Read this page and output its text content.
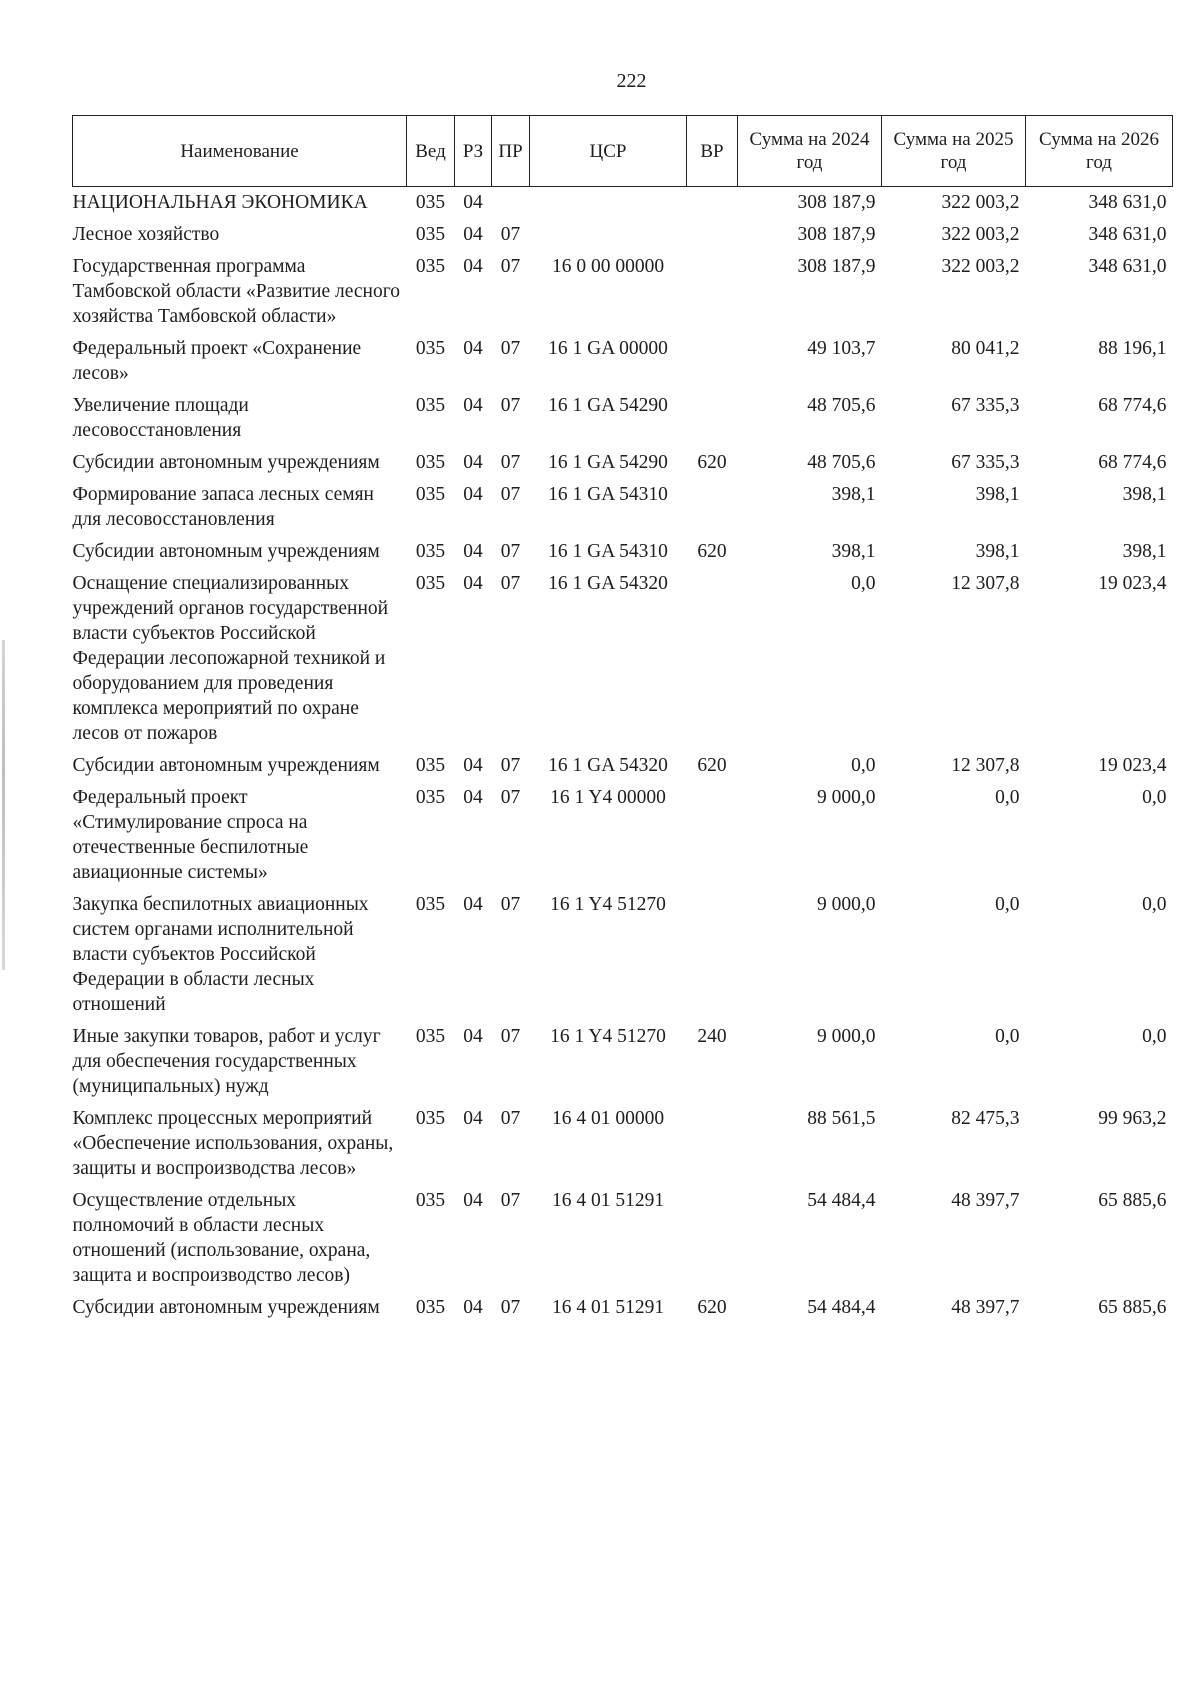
222
Наименование	Вед	РЗ	ПР	ЦСР	ВР	Сумма на 2024 год	Сумма на 2025 год	Сумма на 2026 год
НАЦИОНАЛЬНАЯ ЭКОНОМИКА	035	04				308 187,9	322 003,2	348 631,0
Лесное хозяйство	035	04	07			308 187,9	322 003,2	348 631,0
Государственная программа Тамбовской области «Развитие лесного хозяйства Тамбовской области»	035	04	07	16 0 00 00000		308 187,9	322 003,2	348 631,0
Федеральный проект «Сохранение лесов»	035	04	07	16 1 GA 00000		49 103,7	80 041,2	88 196,1
Увеличение площади лесовосстановления	035	04	07	16 1 GA 54290		48 705,6	67 335,3	68 774,6
Субсидии автономным учреждениям	035	04	07	16 1 GA 54290	620	48 705,6	67 335,3	68 774,6
Формирование запаса лесных семян для лесовосстановления	035	04	07	16 1 GA 54310		398,1	398,1	398,1
Субсидии автономным учреждениям	035	04	07	16 1 GA 54310	620	398,1	398,1	398,1
Оснащение специализированных учреждений органов государственной власти субъектов Российской Федерации лесопожарной техникой и оборудованием для проведения комплекса мероприятий по охране лесов от пожаров	035	04	07	16 1 GA 54320		0,0	12 307,8	19 023,4
Субсидии автономным учреждениям	035	04	07	16 1 GA 54320	620	0,0	12 307,8	19 023,4
Федеральный проект «Стимулирование спроса на отечественные беспилотные авиационные системы»	035	04	07	16 1 Y4 00000		9 000,0	0,0	0,0
Закупка беспилотных авиационных систем органами исполнительной власти субъектов Российской Федерации в области лесных отношений	035	04	07	16 1 Y4 51270		9 000,0	0,0	0,0
Иные закупки товаров, работ и услуг для обеспечения государственных (муниципальных) нужд	035	04	07	16 1 Y4 51270	240	9 000,0	0,0	0,0
Комплекс процессных мероприятий «Обеспечение использования, охраны, защиты и воспроизводства лесов»	035	04	07	16 4 01 00000		88 561,5	82 475,3	99 963,2
Осуществление отдельных полномочий в области лесных отношений (использование, охрана, защита и воспроизводство лесов)	035	04	07	16 4 01 51291		54 484,4	48 397,7	65 885,6
Субсидии автономным учреждениям	035	04	07	16 4 01 51291	620	54 484,4	48 397,7	65 885,6
